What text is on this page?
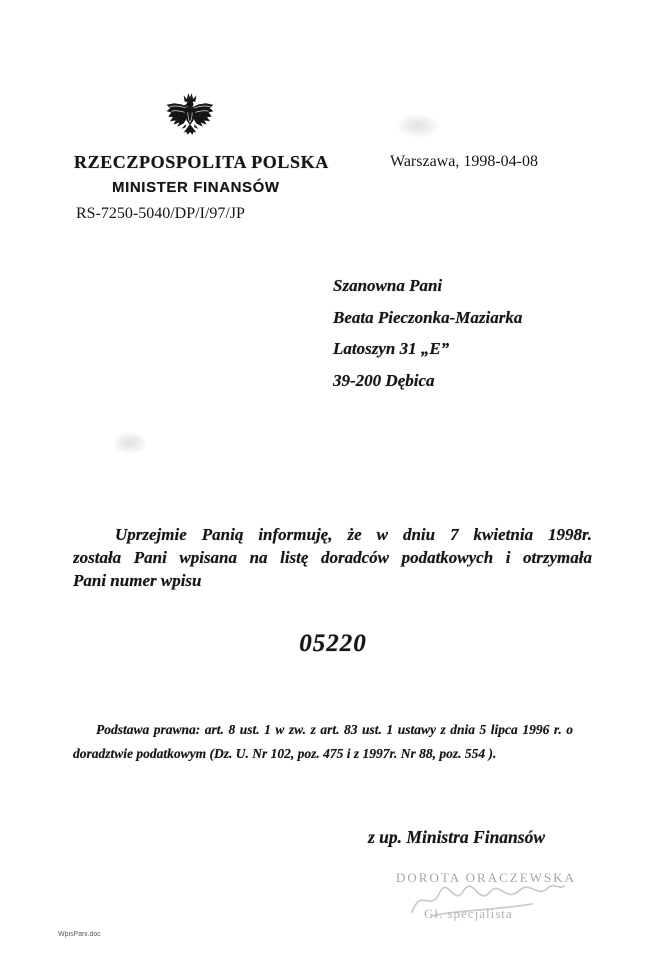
RZECZPOSPOLITA POLSKA
MINISTER FINANSÓW
RS-7250-5040/DP/I/97/JP
Warszawa, 1998-04-08
Szanowna Pani
Beata Pieczonka-Maziarka
Latoszyn 31 „E”
39-200 Dębica
Uprzejmie Panią informuję, że w dniu 7 kwietnia 1998r.
została Pani wpisana na listę doradców podatkowych i otrzymała
Pani numer wpisu
05220
Podstawa prawna: art. 8 ust. 1 w zw. z art. 83 ust. 1 ustawy z dnia 5 lipca 1996 r. o
doradztwie podatkowym (Dz. U. Nr 102, poz. 475 i z 1997r. Nr 88, poz. 554 ).
z up. Ministra Finansów
DOROTA ORACZEWSKA
Gł. specjalista
WpisPani.doc
